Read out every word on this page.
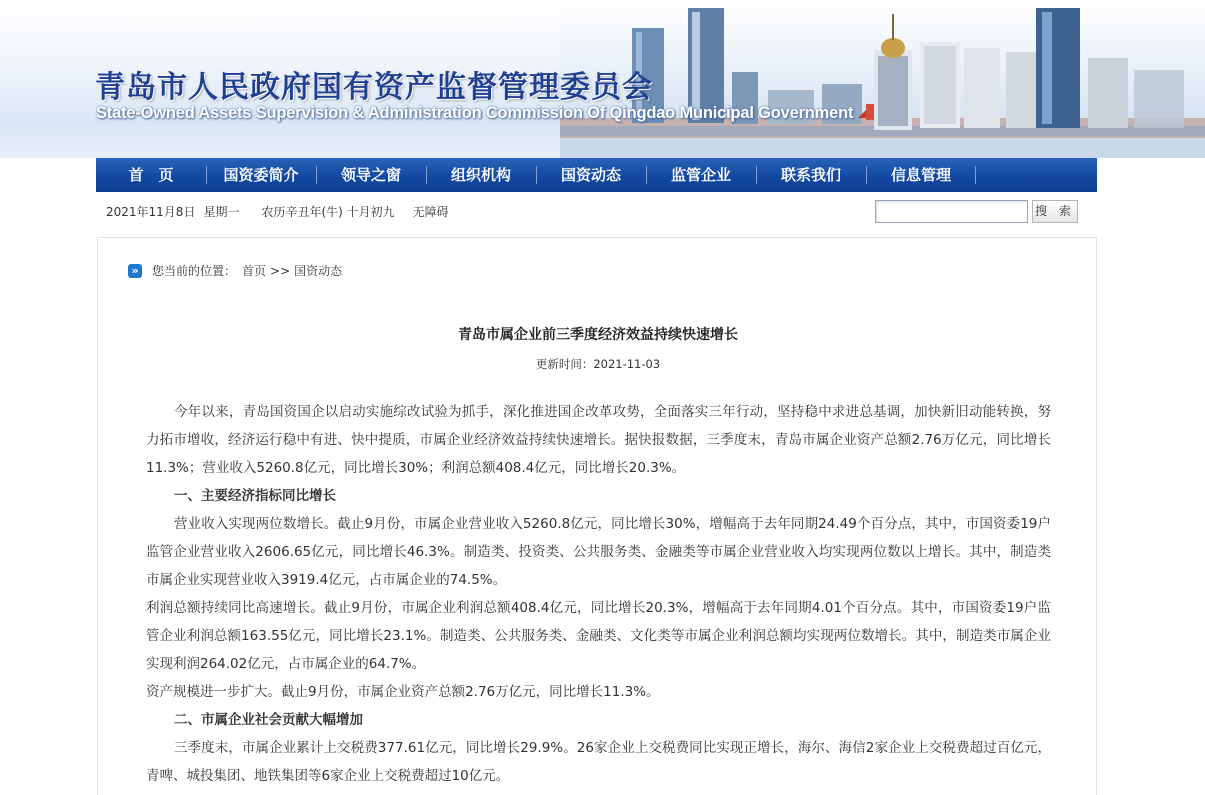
青岛市人民政府国有资产监督管理委员会
State-Owned Assets Supervision & Administration Commission Of Qingdao Municipal Government
首　页	国资委简介	领导之窗	组织机构	国资动态	监管企业	联系我们	信息管理
2021年11月8日 星期一 农历辛丑年(牛) 十月初九 无障碍	搜 索
» 您当前的位置： 首页 >> 国资动态
青岛市属企业前三季度经济效益持续快速增长
更新时间：2021-11-03

今年以来，青岛国资国企以启动实施综改试验为抓手，深化推进国企改革攻势，全面落实三年行动，坚持稳中求进总基调，加快新旧动能转换，努力拓市增收，经济运行稳中有进、快中提质，市属企业经济效益持续快速增长。据快报数据，三季度末，青岛市属企业资产总额2.76万亿元，同比增长11.3%；营业收入5260.8亿元，同比增长30%；利润总额408.4亿元，同比增长20.3%。

一、主要经济指标同比增长

营业收入实现两位数增长。截止9月份，市属企业营业收入5260.8亿元，同比增长30%，增幅高于去年同期24.49个百分点，其中，市国资委19户监管企业营业收入2606.65亿元，同比增长46.3%。制造类、投资类、公共服务类、金融类等市属企业营业收入均实现两位数以上增长。其中，制造类市属企业实现营业收入3919.4亿元，占市属企业的74.5%。

利润总额持续同比高速增长。截止9月份，市属企业利润总额408.4亿元，同比增长20.3%，增幅高于去年同期4.01个百分点。其中，市国资委19户监管企业利润总额163.55亿元，同比增长23.1%。制造类、公共服务类、金融类、文化类等市属企业利润总额均实现两位数增长。其中，制造类市属企业实现利润264.02亿元，占市属企业的64.7%。

资产规模进一步扩大。截止9月份，市属企业资产总额2.76万亿元，同比增长11.3%。

二、市属企业社会贡献大幅增加

三季度末，市属企业累计上交税费377.61亿元，同比增长29.9%。26家企业上交税费同比实现正增长，海尔、海信2家企业上交税费超过百亿元，青啤、城投集团、地铁集团等6家企业上交税费超过10亿元。
